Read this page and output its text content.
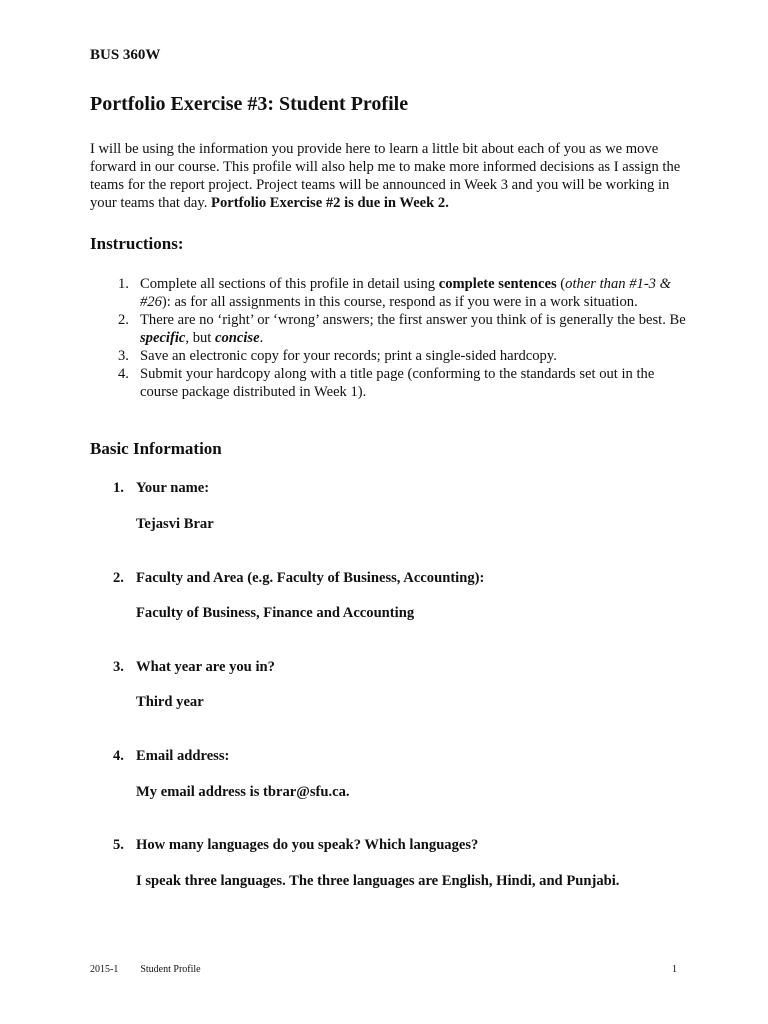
BUS 360W
Portfolio Exercise #3: Student Profile

I will be using the information you provide here to learn a little bit about each of you as we move forward in our course. This profile will also help me to make more informed decisions as I assign the teams for the report project. Project teams will be announced in Week 3 and you will be working in your teams that day. Portfolio Exercise #2 is due in Week 2.

Instructions:
1. Complete all sections of this profile in detail using complete sentences (other than #1-3 & #26): as for all assignments in this course, respond as if you were in a work situation.
2. There are no ‘right’ or ‘wrong’ answers; the first answer you think of is generally the best. Be specific, but concise.
3. Save an electronic copy for your records; print a single-sided hardcopy.
4. Submit your hardcopy along with a title page (conforming to the standards set out in the course package distributed in Week 1).
Basic Information
1. Your name:
Tejasvi Brar
2. Faculty and Area (e.g. Faculty of Business, Accounting):
Faculty of Business, Finance and Accounting
3. What year are you in?
Third year
4. Email address:
My email address is tbrar@sfu.ca.
5. How many languages do you speak? Which languages?
I speak three languages. The three languages are English, Hindi, and Punjabi.
2015-1 Student Profile	1
